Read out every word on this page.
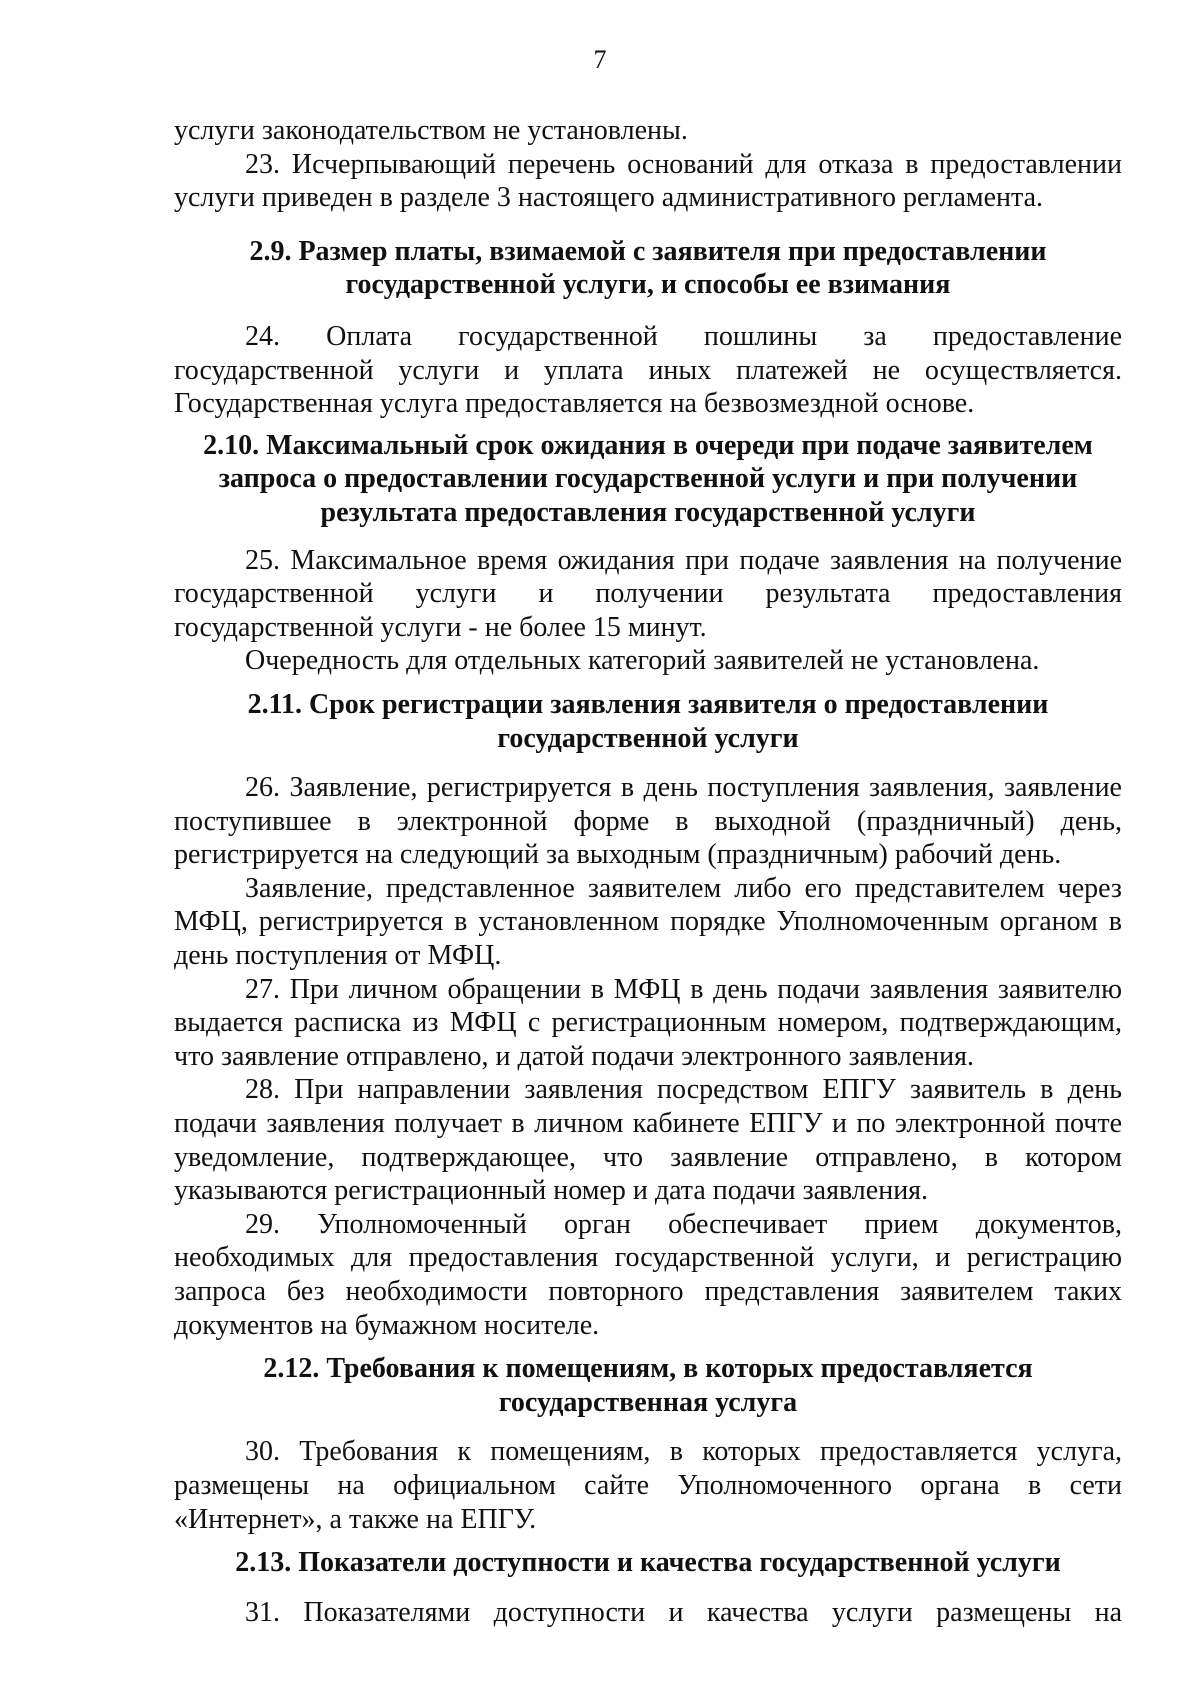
7

услуги законодательством не установлены.

23. Исчерпывающий перечень оснований для отказа в предоставлении услуги приведен в разделе 3 настоящего административного регламента.

2.9. Размер платы, взимаемой с заявителя при предоставлении
государственной услуги, и способы ее взимания

24. Оплата государственной пошлины за предоставление государственной услуги и уплата иных платежей не осуществляется. Государственная услуга предоставляется на безвозмездной основе.

2.10. Максимальный срок ожидания в очереди при подаче заявителем
запроса о предоставлении государственной услуги и при получении
результата предоставления государственной услуги

25. Максимальное время ожидания при подаче заявления на получение государственной услуги и получении результата предоставления государственной услуги - не более 15 минут.

Очередность для отдельных категорий заявителей не установлена.

2.11. Срок регистрации заявления заявителя о предоставлении
государственной услуги

26. Заявление, регистрируется в день поступления заявления, заявление поступившее в электронной форме в выходной (праздничный) день, регистрируется на следующий за выходным (праздничным) рабочий день.

Заявление, представленное заявителем либо его представителем через МФЦ, регистрируется в установленном порядке Уполномоченным органом в день поступления от МФЦ.

27. При личном обращении в МФЦ в день подачи заявления заявителю выдается расписка из МФЦ с регистрационным номером, подтверждающим, что заявление отправлено, и датой подачи электронного заявления.

28. При направлении заявления посредством ЕПГУ заявитель в день подачи заявления получает в личном кабинете ЕПГУ и по электронной почте уведомление, подтверждающее, что заявление отправлено, в котором указываются регистрационный номер и дата подачи заявления.

29. Уполномоченный орган обеспечивает прием документов, необходимых для предоставления государственной услуги, и регистрацию запроса без необходимости повторного представления заявителем таких документов на бумажном носителе.

2.12. Требования к помещениям, в которых предоставляется
государственная услуга

30. Требования к помещениям, в которых предоставляется услуга, размещены на официальном сайте Уполномоченного органа в сети «Интернет», а также на ЕПГУ.

2.13. Показатели доступности и качества государственной услуги

31. Показателями доступности и качества услуги размещены на
